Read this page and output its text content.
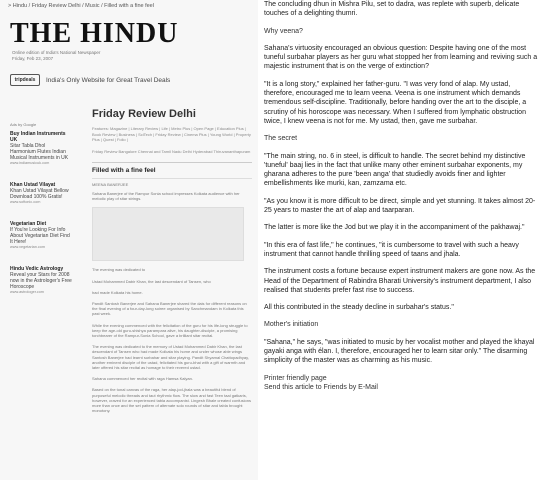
> Hindu / Friday Review Delhi / Music / Filled with a fine feel
THE HINDU
Online edition of India's National Newspaper
Friday, Feb 23, 2007
tripdeals	India's Only Website for Great Travel Deals
Ads by Google
Buy Indian Instruments UK
Sitar Tabla Dhol Harmonium Flutes Indian Musical Instruments in UK
www.indiamusicuk.com
Khan Ustad Vilayat
Khan Ustad Vilayat Bellow Download 100% Gratis!
www.softonic.com
Vegetarian Diet
If You're Looking For Info About Vegetarian Diet Find It Here!
www.vegetarian.com
Hindu Vedic Astrology
Reveal your Stars for 2008 now in the Astrologer's Free Horoscope
www.astrologer.com
Friday Review Delhi
Features: Magazine | Literary Review | Life | Metro Plus | Open Page | Education Plus | Book Review | Business | SciTech | Friday Review | Cinema Plus | Young World | Property Plus | Quest | Folio |
Friday Review Bangalore Chennai and Tamil Nadu Delhi Hyderabad Thiruvananthapuram
Filled with a fine feel
MEENA BANERJEE
Sahana Banerjee of the Rampur Sonia school impresses Kolkata audience with her melodic play of sitar strings.
The evening was dedicated to
Ustad Mohammed Dabir Khan, the last descendant of Tansen, who
had made Kolkata his home.
Pandit Santosh Banerjee and Sahana Banerjee shared the dais for different reasons on the final evening of a four-day-long soiree organised by Sanchmandam in Kolkata this past week.
While the evening commenced with the felicitation of the guru for his life-long struggle to keep the age-old guru-shishya parampara alive, his daughter-disciple, a promising torchbearer of the Rampur-Sonia School, gave a brilliant sitar recital.
The evening was dedicated to the memory of Ustad Mohammed Dabir Khan, the last descendant of Tansen who had made Kolkata his home and under whose able wings Santosh Banerjee had learnt surbahar and sitar playing. Pandit Shyamal Chattopadhyay, another eminent disciple of the ustad, felicitated his guru-bhai with a gift of warmth and later offered his sitar recital as homage to their revered ustad.
Sahana commenced her recital with raga Hamsa Kalyan.
Based on the tonal canvas of the raga, her alap-jod-jhala was a beautiful blend of purposeful melodic threads and taut rhythmic flow. The slow and fast Teen taal gatkaris, however, craved for an experienced tabla accompanist. Lingesh Bhale created confusions more than once and the set pattern of alternate solo rounds of sitar and tabla brought monotony.

The concluding dhun in Mishra Pilu, set to dadra, was replete with superb, delicate touches of a delighting thumri.

Why veena?

Sahana's virtuosity encouraged an obvious question: Despite having one of the most tuneful surbahar players as her guru what stopped her from learning and reviving such a majestic instrument that is on the verge of extinction?

"It is a long story," explained her father-guru. "I was very fond of alap. My ustad, therefore, encouraged me to learn veena. Veena is one instrument which demands tremendous self-discipline. Traditionally, before handing over the art to the disciple, a scrutiny of his horoscope was necessary. When I suffered from lymphatic obstruction twice, I knew veena is not for me. My ustad, then, gave me surbahar.

The secret

"The main string, no. 6 in steel, is difficult to handle. The secret behind my distinctive 'tuneful' baaj lies in the fact that unlike many other eminent surbahar exponents, my gharana adheres to the pure 'been anga' that studiedly avoids finer and lighter embellishments like murki, kan, zamzama etc.

"As you know it is more difficult to be direct, simple and yet stunning. It takes almost 20-25 years to master the art of alap and taarparan.

The latter is more like the Jod but we play it in the accompaniment of the pakhawaj."

"In this era of fast life," he continues, "it is cumbersome to travel with such a heavy instrument that cannot handle thrilling speed of taans and jhala.

The instrument costs a fortune because expert instrument makers are gone now. As the Head of the Department of Rabindra Bharati University's instrument department, I also realised that students prefer fast rise to success.

All this contributed in the steady decline in surbahar's status."

Mother's initiation

"Sahana," he says, "was initiated to music by her vocalist mother and played the khayal gayaki anga with élan. I, therefore, encouraged her to learn sitar only." The disarming simplicity of the master was as charming as his music.

Printer friendly page
Send this article to Friends by E-Mail
